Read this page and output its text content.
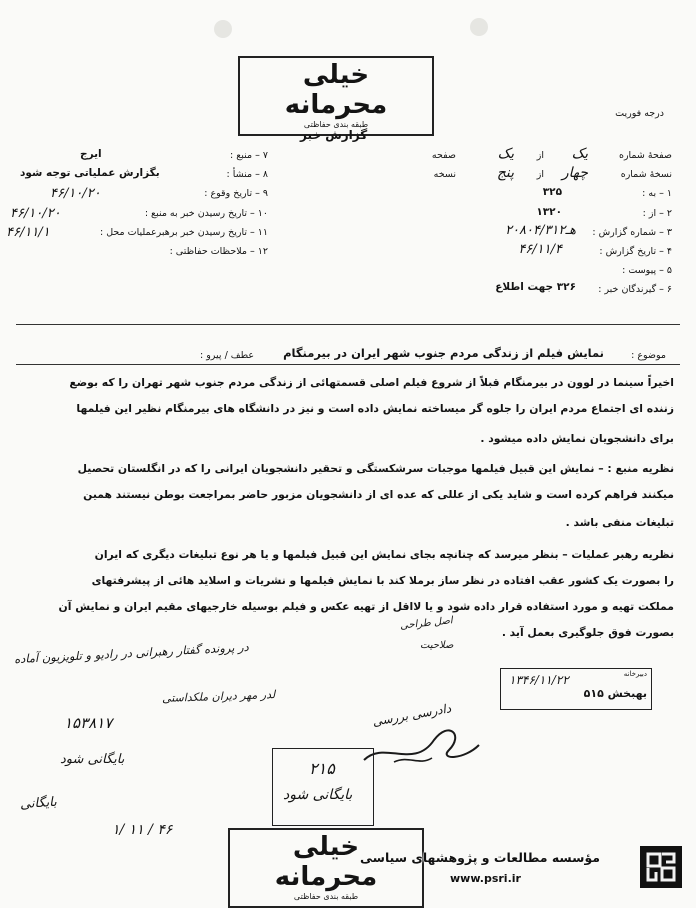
خیلی محرمانه
طبقه بندی حفاظتی
درجه فوریت
گزارش خبر
۷ – منبع :
ایرج
۸ – منشأ :
بگزارش عملیاتی توجه شود
۹ – تاریخ وقوع :
۴۶/۱۰/۲۰
۱۰ – تاریخ رسیدن خبر به منبع :
۴۶/۱۰/۲۰
۱۱ – تاریخ رسیدن خبر برهبرعملیات محل :
۴۶/۱۱/۱
۱۲ – ملاحظات حفاظتی :
صفحهٔ شماره
یک
از
یک
صفحه
نسخهٔ شماره
چهار
از
پنج
نسخه
۱ – به :
۳۲۵
۲ – از :
۱۳۲۰
۳ – شماره گزارش :
۲۰۸۰۴/۳۱۲هـ
۴ – تاریخ گزارش :
۴۶/۱۱/۴
۵ – پیوست :
۶ – گیرندگان خبر :
۳۲۶ جهت اطلاع
موضوع :
نمایش فیلم از زندگی مردم جنوب شهر ایران در بیرمنگام
عطف / پیرو :
اخیراً سینما در لوون در بیرمنگام قبلاً از شروع فیلم اصلی قسمتهائی از زندگی مردم جنوب شهر تهران را که بوضع
زننده ای اجتماع مردم ایران را جلوه گر میساخته نمایش داده است و نیز در دانشگاه های بیرمنگام نظیر این فیلمها
برای دانشجویان نمایش داده میشود .
نظریه منبع : – نمایش این قبیل فیلمها موجبات سرشکستگی و تحقیر دانشجویان ایرانی را که در انگلستان تحصیل
میکنند فراهم کرده است و شاید یکی از عللی که عده ای از دانشجویان مزبور حاضر بمراجعت بوطن نیستند همین
تبلیغات منفی باشد .
نظریه رهبر عملیات – بنظر میرسد که چنانچه بجای نمایش این قبیل فیلمها و یا هر نوع تبلیغات دیگری که ایران
را بصورت یک کشور عقب افتاده در نظر ساز برملا کند با نمایش فیلمها و نشریات و اسلاید هائی از پیشرفتهای
مملکت تهیه و مورد استفاده قرار داده شود و یا لااقل از تهیه عکس و فیلم بوسیله خارجیهای مقیم ایران و نمایش آن
بصورت فوق جلوگیری بعمل آید .
اصل طراحی
صلاحیت
در پرونده گفتار رهبرانی در رادیو و تلویزیون آماده
لدر مهر دیران ملکداستی
۱۵۳۸۱۷
بایگانی شود
بایگانی
۱/ ۱۱ / ۴۶
دادرسی بررسی
دبیرخانه
بهبخش ۵۱۵
۱۳۴۶/۱۱/۲۲
۲۱۵
بایگانی شود
خیلی محرمانه
طبقه بندی حفاظتی
مؤسسه مطالعات و پژوهشهای سیاسی
www.psri.ir
